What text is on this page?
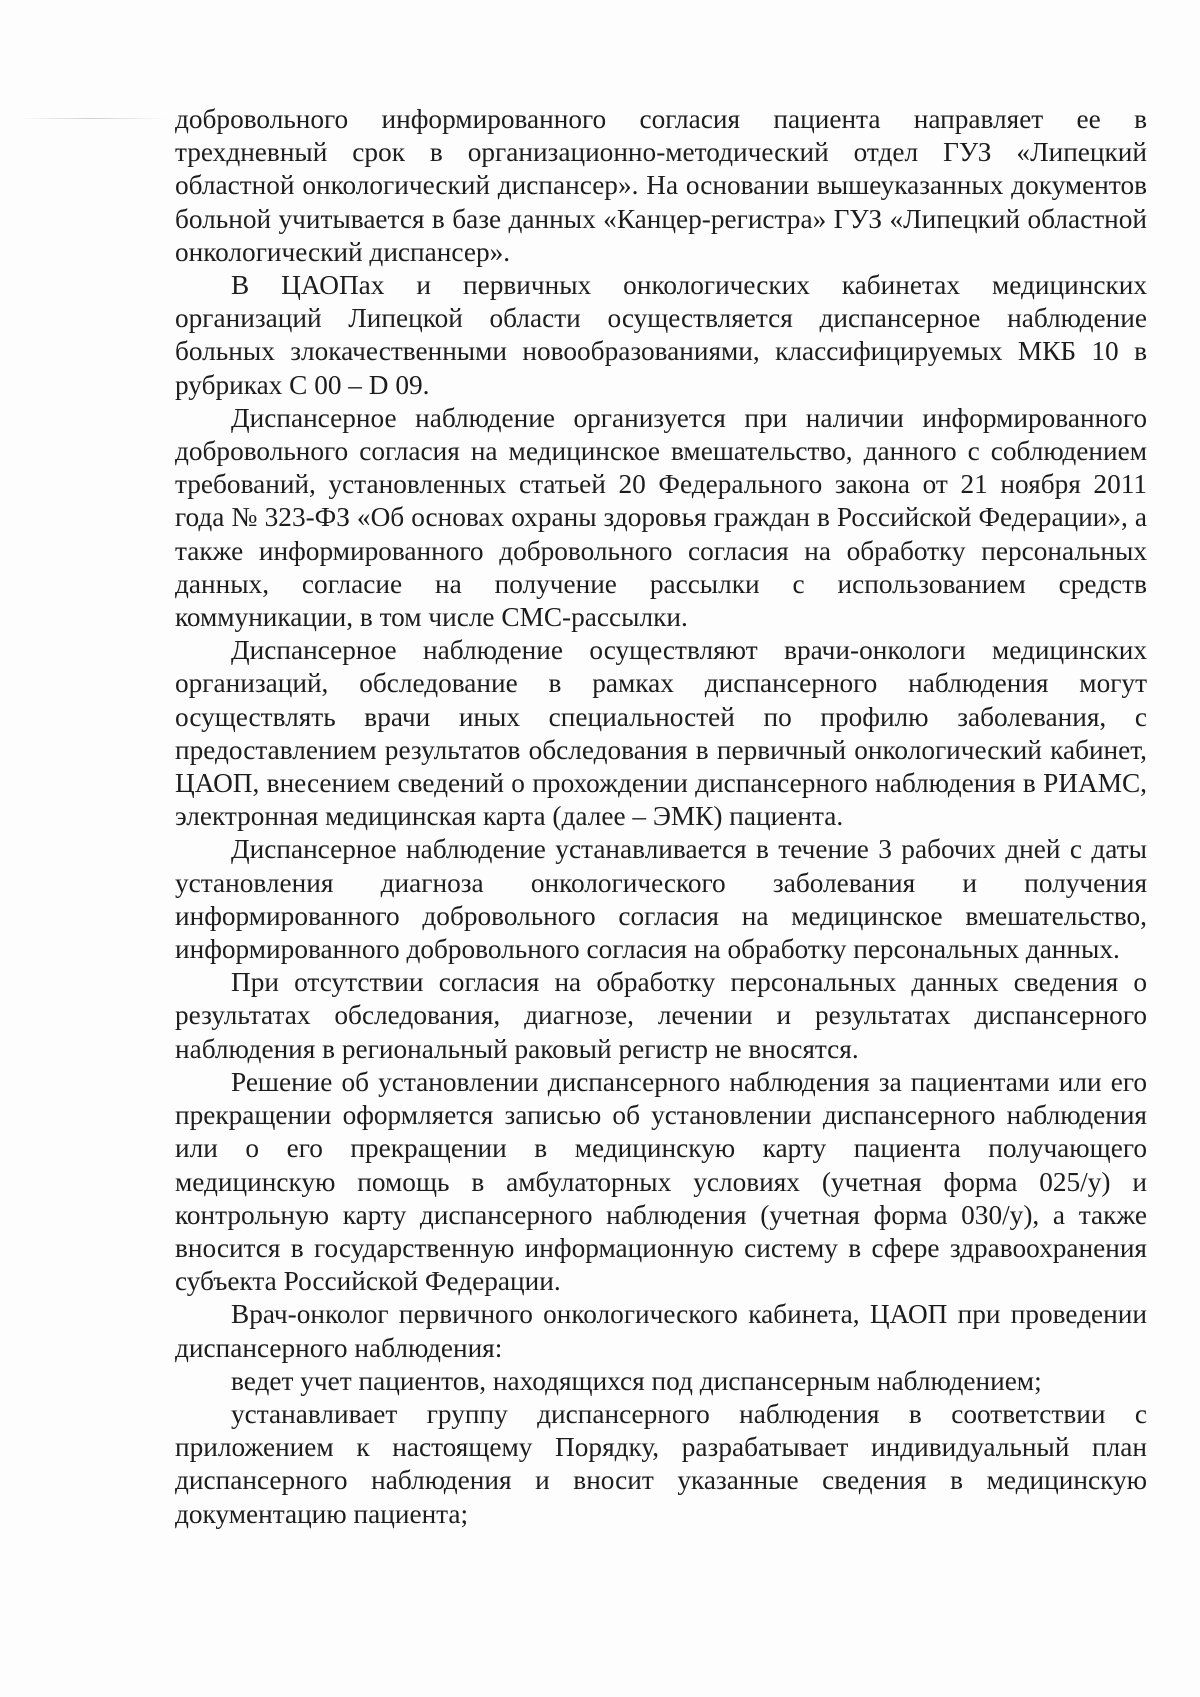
добровольного информированного согласия пациента направляет ее в трехдневный срок в организационно-методический отдел ГУЗ «Липецкий областной онкологический диспансер». На основании вышеуказанных документов больной учитывается в базе данных «Канцер-регистра» ГУЗ «Липецкий областной онкологический диспансер».

В ЦАОПах и первичных онкологических кабинетах медицинских организаций Липецкой области осуществляется диспансерное наблюдение больных злокачественными новообразованиями, классифицируемых МКБ 10 в рубриках С 00 – D 09.

Диспансерное наблюдение организуется при наличии информированного добровольного согласия на медицинское вмешательство, данного с соблюдением требований, установленных статьей 20 Федерального закона от 21 ноября 2011 года № 323-ФЗ «Об основах охраны здоровья граждан в Российской Федерации», а также информированного добровольного согласия на обработку персональных данных, согласие на получение рассылки с использованием средств коммуникации, в том числе СМС-рассылки.

Диспансерное наблюдение осуществляют врачи-онкологи медицинских организаций, обследование в рамках диспансерного наблюдения могут осуществлять врачи иных специальностей по профилю заболевания, с предоставлением результатов обследования в первичный онкологический кабинет, ЦАОП, внесением сведений о прохождении диспансерного наблюдения в РИАМС, электронная медицинская карта (далее – ЭМК) пациента.

Диспансерное наблюдение устанавливается в течение 3 рабочих дней с даты установления диагноза онкологического заболевания и получения информированного добровольного согласия на медицинское вмешательство, информированного добровольного согласия на обработку персональных данных.

При отсутствии согласия на обработку персональных данных сведения о результатах обследования, диагнозе, лечении и результатах диспансерного наблюдения в региональный раковый регистр не вносятся.

Решение об установлении диспансерного наблюдения за пациентами или его прекращении оформляется записью об установлении диспансерного наблюдения или о его прекращении в медицинскую карту пациента получающего медицинскую помощь в амбулаторных условиях (учетная форма 025/у) и контрольную карту диспансерного наблюдения (учетная форма 030/у), а также вносится в государственную информационную систему в сфере здравоохранения субъекта Российской Федерации.

Врач-онколог первичного онкологического кабинета, ЦАОП при проведении диспансерного наблюдения:

ведет учет пациентов, находящихся под диспансерным наблюдением;

устанавливает группу диспансерного наблюдения в соответствии с приложением к настоящему Порядку, разрабатывает индивидуальный план диспансерного наблюдения и вносит указанные сведения в медицинскую документацию пациента;
